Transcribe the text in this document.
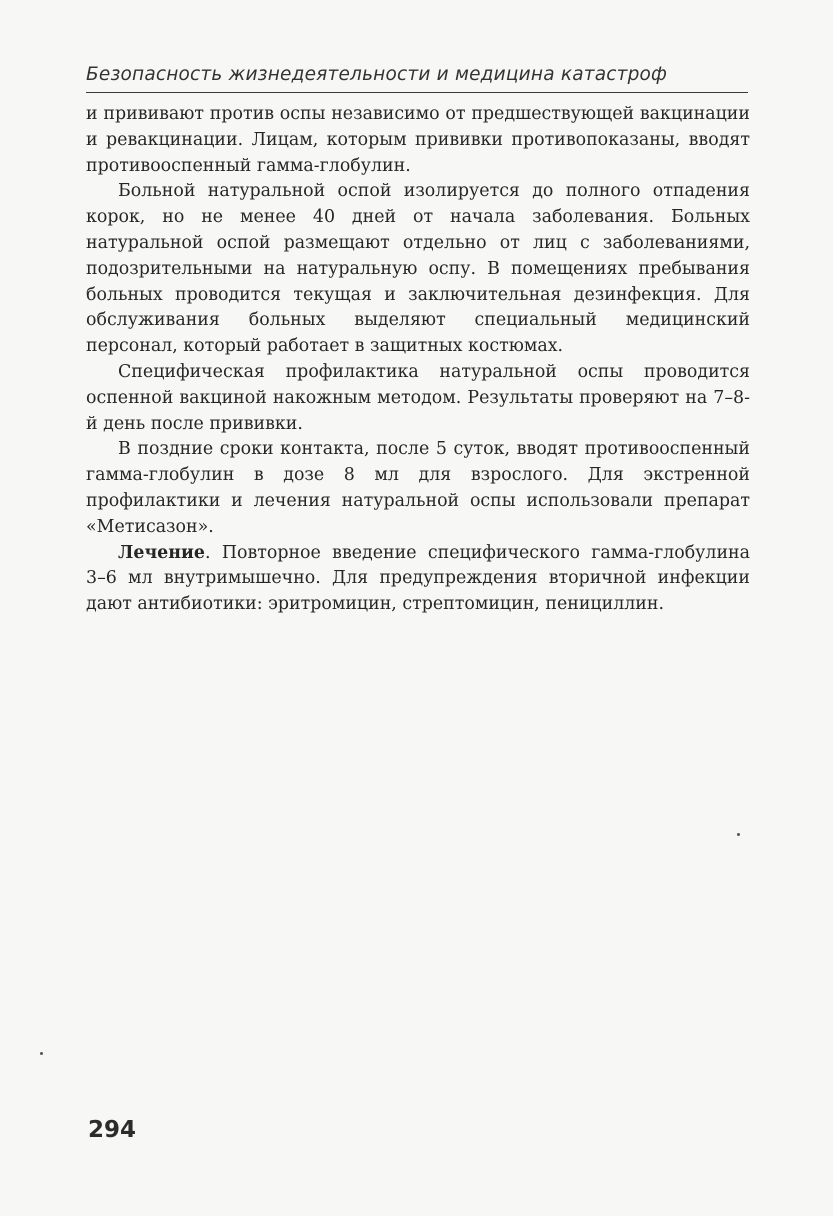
Безопасность жизнедеятельности и медицина катастроф

и прививают против оспы независимо от предшествующей вакцинации и ревакцинации. Лицам, которым прививки противопоказаны, вводят противооспенный гамма-глобулин.

Больной натуральной оспой изолируется до полного отпадения корок, но не менее 40 дней от начала заболевания. Больных натуральной оспой размещают отдельно от лиц с заболеваниями, подозрительными на натуральную оспу. В помещениях пребывания больных проводится текущая и заключительная дезинфекция. Для обслуживания больных выделяют специальный медицинский персонал, который работает в защитных костюмах.

Специфическая профилактика натуральной оспы проводится оспенной вакциной накожным методом. Результаты проверяют на 7–8-й день после прививки.

В поздние сроки контакта, после 5 суток, вводят противооспенный гамма-глобулин в дозе 8 мл для взрослого. Для экстренной профилактики и лечения натуральной оспы использовали препарат «Метисазон».

Лечение. Повторное введение специфического гамма-глобулина 3–6 мл внутримышечно. Для предупреждения вторичной инфекции дают антибиотики: эритромицин, стрептомицин, пенициллин.

294
